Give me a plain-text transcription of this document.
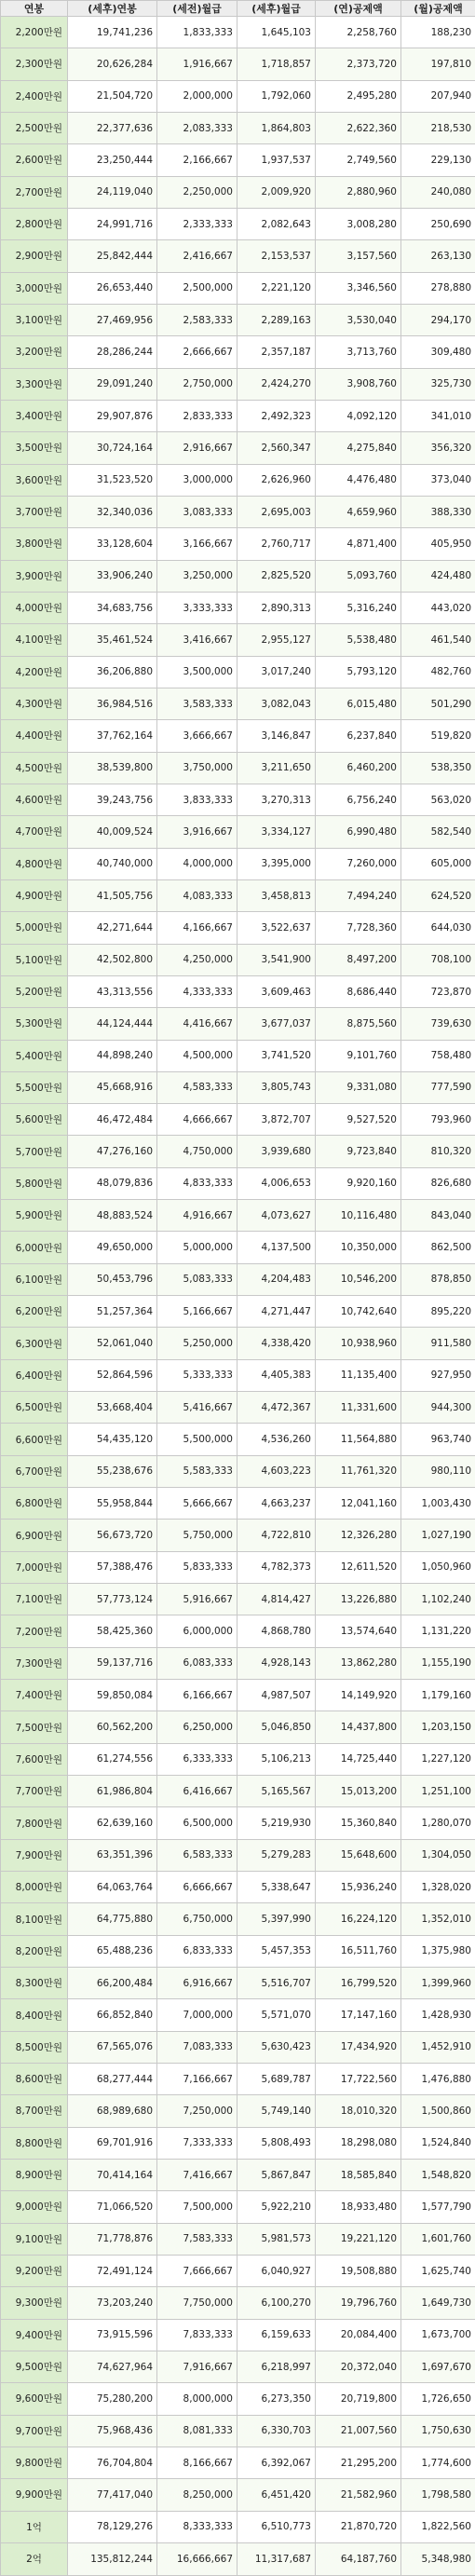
연봉	(세후)연봉	(세전)월급	(세후)월급	(연)공제액	(월)공제액
2,200만원	19,741,236	1,833,333	1,645,103	2,258,760	188,230
2,300만원	20,626,284	1,916,667	1,718,857	2,373,720	197,810
2,400만원	21,504,720	2,000,000	1,792,060	2,495,280	207,940
2,500만원	22,377,636	2,083,333	1,864,803	2,622,360	218,530
2,600만원	23,250,444	2,166,667	1,937,537	2,749,560	229,130
2,700만원	24,119,040	2,250,000	2,009,920	2,880,960	240,080
2,800만원	24,991,716	2,333,333	2,082,643	3,008,280	250,690
2,900만원	25,842,444	2,416,667	2,153,537	3,157,560	263,130
3,000만원	26,653,440	2,500,000	2,221,120	3,346,560	278,880
3,100만원	27,469,956	2,583,333	2,289,163	3,530,040	294,170
3,200만원	28,286,244	2,666,667	2,357,187	3,713,760	309,480
3,300만원	29,091,240	2,750,000	2,424,270	3,908,760	325,730
3,400만원	29,907,876	2,833,333	2,492,323	4,092,120	341,010
3,500만원	30,724,164	2,916,667	2,560,347	4,275,840	356,320
3,600만원	31,523,520	3,000,000	2,626,960	4,476,480	373,040
3,700만원	32,340,036	3,083,333	2,695,003	4,659,960	388,330
3,800만원	33,128,604	3,166,667	2,760,717	4,871,400	405,950
3,900만원	33,906,240	3,250,000	2,825,520	5,093,760	424,480
4,000만원	34,683,756	3,333,333	2,890,313	5,316,240	443,020
4,100만원	35,461,524	3,416,667	2,955,127	5,538,480	461,540
4,200만원	36,206,880	3,500,000	3,017,240	5,793,120	482,760
4,300만원	36,984,516	3,583,333	3,082,043	6,015,480	501,290
4,400만원	37,762,164	3,666,667	3,146,847	6,237,840	519,820
4,500만원	38,539,800	3,750,000	3,211,650	6,460,200	538,350
4,600만원	39,243,756	3,833,333	3,270,313	6,756,240	563,020
4,700만원	40,009,524	3,916,667	3,334,127	6,990,480	582,540
4,800만원	40,740,000	4,000,000	3,395,000	7,260,000	605,000
4,900만원	41,505,756	4,083,333	3,458,813	7,494,240	624,520
5,000만원	42,271,644	4,166,667	3,522,637	7,728,360	644,030
5,100만원	42,502,800	4,250,000	3,541,900	8,497,200	708,100
5,200만원	43,313,556	4,333,333	3,609,463	8,686,440	723,870
5,300만원	44,124,444	4,416,667	3,677,037	8,875,560	739,630
5,400만원	44,898,240	4,500,000	3,741,520	9,101,760	758,480
5,500만원	45,668,916	4,583,333	3,805,743	9,331,080	777,590
5,600만원	46,472,484	4,666,667	3,872,707	9,527,520	793,960
5,700만원	47,276,160	4,750,000	3,939,680	9,723,840	810,320
5,800만원	48,079,836	4,833,333	4,006,653	9,920,160	826,680
5,900만원	48,883,524	4,916,667	4,073,627	10,116,480	843,040
6,000만원	49,650,000	5,000,000	4,137,500	10,350,000	862,500
6,100만원	50,453,796	5,083,333	4,204,483	10,546,200	878,850
6,200만원	51,257,364	5,166,667	4,271,447	10,742,640	895,220
6,300만원	52,061,040	5,250,000	4,338,420	10,938,960	911,580
6,400만원	52,864,596	5,333,333	4,405,383	11,135,400	927,950
6,500만원	53,668,404	5,416,667	4,472,367	11,331,600	944,300
6,600만원	54,435,120	5,500,000	4,536,260	11,564,880	963,740
6,700만원	55,238,676	5,583,333	4,603,223	11,761,320	980,110
6,800만원	55,958,844	5,666,667	4,663,237	12,041,160	1,003,430
6,900만원	56,673,720	5,750,000	4,722,810	12,326,280	1,027,190
7,000만원	57,388,476	5,833,333	4,782,373	12,611,520	1,050,960
7,100만원	57,773,124	5,916,667	4,814,427	13,226,880	1,102,240
7,200만원	58,425,360	6,000,000	4,868,780	13,574,640	1,131,220
7,300만원	59,137,716	6,083,333	4,928,143	13,862,280	1,155,190
7,400만원	59,850,084	6,166,667	4,987,507	14,149,920	1,179,160
7,500만원	60,562,200	6,250,000	5,046,850	14,437,800	1,203,150
7,600만원	61,274,556	6,333,333	5,106,213	14,725,440	1,227,120
7,700만원	61,986,804	6,416,667	5,165,567	15,013,200	1,251,100
7,800만원	62,639,160	6,500,000	5,219,930	15,360,840	1,280,070
7,900만원	63,351,396	6,583,333	5,279,283	15,648,600	1,304,050
8,000만원	64,063,764	6,666,667	5,338,647	15,936,240	1,328,020
8,100만원	64,775,880	6,750,000	5,397,990	16,224,120	1,352,010
8,200만원	65,488,236	6,833,333	5,457,353	16,511,760	1,375,980
8,300만원	66,200,484	6,916,667	5,516,707	16,799,520	1,399,960
8,400만원	66,852,840	7,000,000	5,571,070	17,147,160	1,428,930
8,500만원	67,565,076	7,083,333	5,630,423	17,434,920	1,452,910
8,600만원	68,277,444	7,166,667	5,689,787	17,722,560	1,476,880
8,700만원	68,989,680	7,250,000	5,749,140	18,010,320	1,500,860
8,800만원	69,701,916	7,333,333	5,808,493	18,298,080	1,524,840
8,900만원	70,414,164	7,416,667	5,867,847	18,585,840	1,548,820
9,000만원	71,066,520	7,500,000	5,922,210	18,933,480	1,577,790
9,100만원	71,778,876	7,583,333	5,981,573	19,221,120	1,601,760
9,200만원	72,491,124	7,666,667	6,040,927	19,508,880	1,625,740
9,300만원	73,203,240	7,750,000	6,100,270	19,796,760	1,649,730
9,400만원	73,915,596	7,833,333	6,159,633	20,084,400	1,673,700
9,500만원	74,627,964	7,916,667	6,218,997	20,372,040	1,697,670
9,600만원	75,280,200	8,000,000	6,273,350	20,719,800	1,726,650
9,700만원	75,968,436	8,081,333	6,330,703	21,007,560	1,750,630
9,800만원	76,704,804	8,166,667	6,392,067	21,295,200	1,774,600
9,900만원	77,417,040	8,250,000	6,451,420	21,582,960	1,798,580
1억	78,129,276	8,333,333	6,510,773	21,870,720	1,822,560
2억	135,812,244	16,666,667	11,317,687	64,187,760	5,348,980
